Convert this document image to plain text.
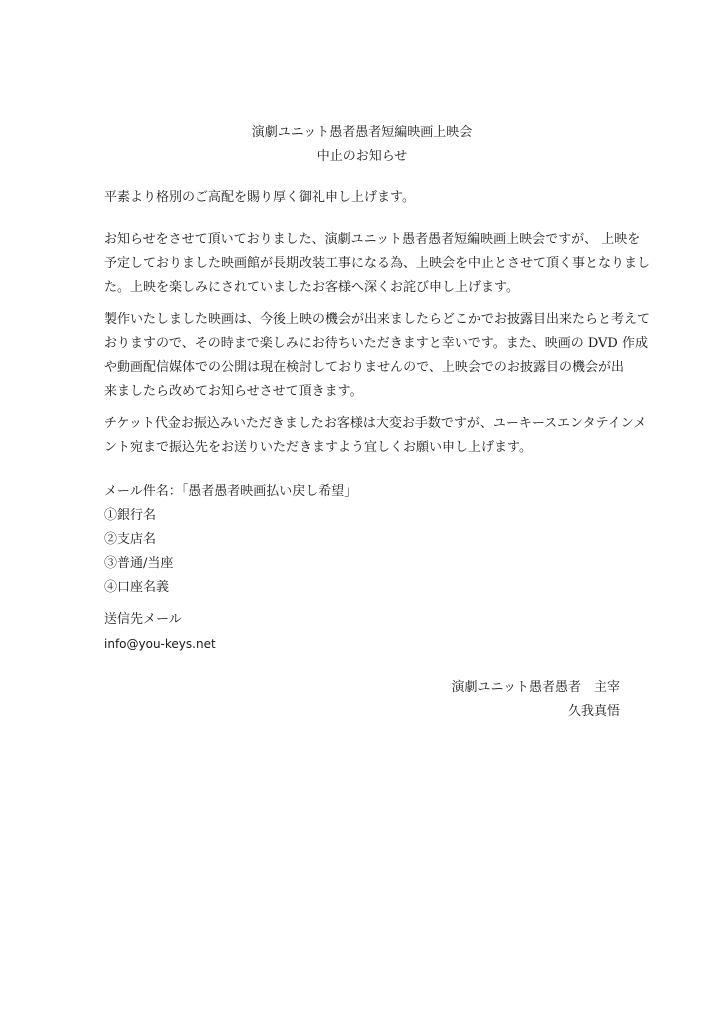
演劇ユニット愚者愚者短編映画上映会
中止のお知らせ
平素より格別のご高配を賜り厚く御礼申し上げます。
お知らせをさせて頂いておりました、演劇ユニット愚者愚者短編映画上映会ですが、 上映を
予定しておりました映画館が長期改装工事になる為、上映会を中止とさせて頂く事となりまし
た。上映を楽しみにされていましたお客様へ深くお詫び申し上げます。
製作いたしました映画は、今後上映の機会が出来ましたらどこかでお披露目出来たらと考えて
おりますので、その時まで楽しみにお待ちいただきますと幸いです。また、映画の DVD 作成
や動画配信媒体での公開は現在検討しておりませんので、上映会でのお披露目の機会が出
来ましたら改めてお知らせさせて頂きます。
チケット代金お振込みいただきましたお客様は大変お手数ですが、ユーキースエンタテインメ
ント宛まで振込先をお送りいただきますよう宜しくお願い申し上げます。
メール件名：「愚者愚者映画払い戻し希望」
①銀行名
②支店名
③普通/当座
④口座名義
送信先メール
info@you-keys.net
演劇ユニット愚者愚者　主宰
久我真悟
